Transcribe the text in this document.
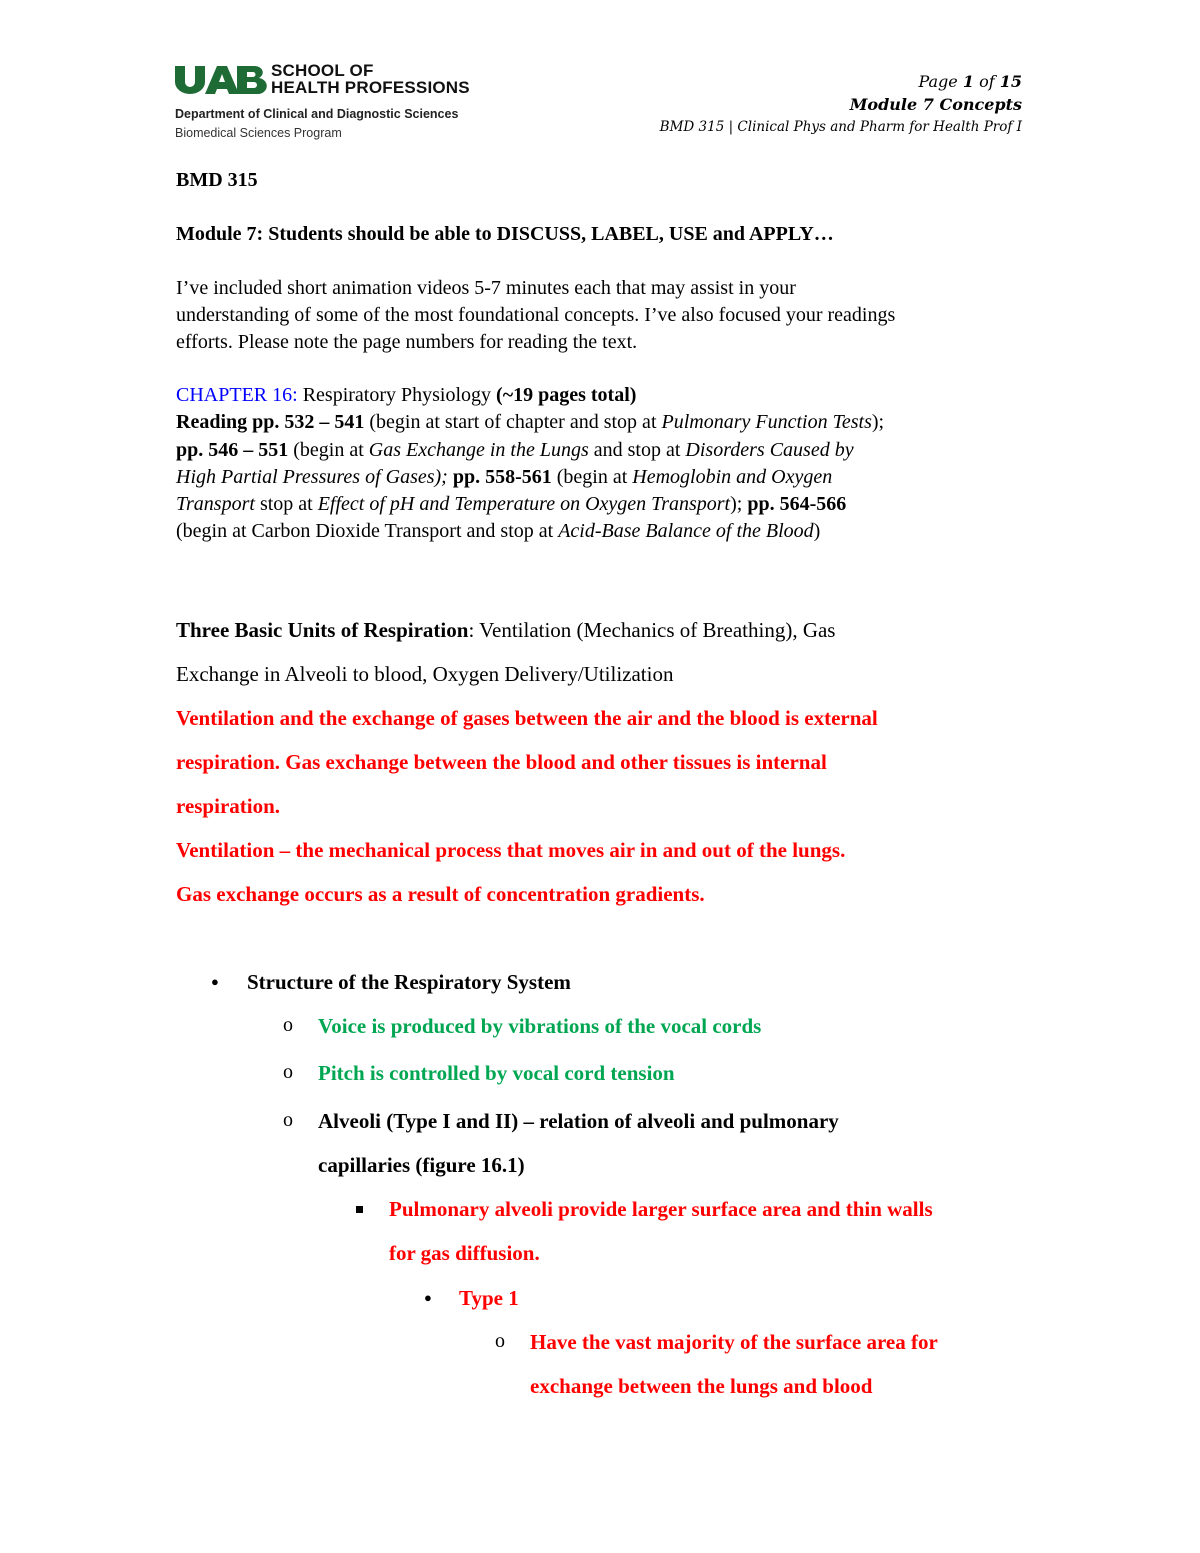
SCHOOL OF
HEALTH PROFESSIONS
Department of Clinical and Diagnostic Sciences
Biomedical Sciences Program
Page 1 of 15
Module 7 Concepts
BMD 315 | Clinical Phys and Pharm for Health Prof I
BMD 315
Module 7: Students should be able to DISCUSS, LABEL, USE and APPLY…
I’ve included short animation videos 5-7 minutes each that may assist in your
understanding of some of the most foundational concepts. I’ve also focused your readings
efforts. Please note the page numbers for reading the text.
CHAPTER 16: Respiratory Physiology (~19 pages total)
Reading pp. 532 – 541 (begin at start of chapter and stop at Pulmonary Function Tests);
pp. 546 – 551 (begin at Gas Exchange in the Lungs and stop at Disorders Caused by
High Partial Pressures of Gases); pp. 558-561 (begin at Hemoglobin and Oxygen
Transport stop at Effect of pH and Temperature on Oxygen Transport); pp. 564-566
(begin at Carbon Dioxide Transport and stop at Acid-Base Balance of the Blood)
Three Basic Units of Respiration: Ventilation (Mechanics of Breathing), Gas
Exchange in Alveoli to blood, Oxygen Delivery/Utilization
Ventilation and the exchange of gases between the air and the blood is external
respiration. Gas exchange between the blood and other tissues is internal
respiration.
Ventilation – the mechanical process that moves air in and out of the lungs.
Gas exchange occurs as a result of concentration gradients.
● Structure of the Respiratory System
o Voice is produced by vibrations of the vocal cords
o Pitch is controlled by vocal cord tension
o Alveoli (Type I and II) – relation of alveoli and pulmonary
capillaries (figure 16.1)
Pulmonary alveoli provide larger surface area and thin walls
for gas diffusion.
● Type 1
o Have the vast majority of the surface area for
exchange between the lungs and blood
